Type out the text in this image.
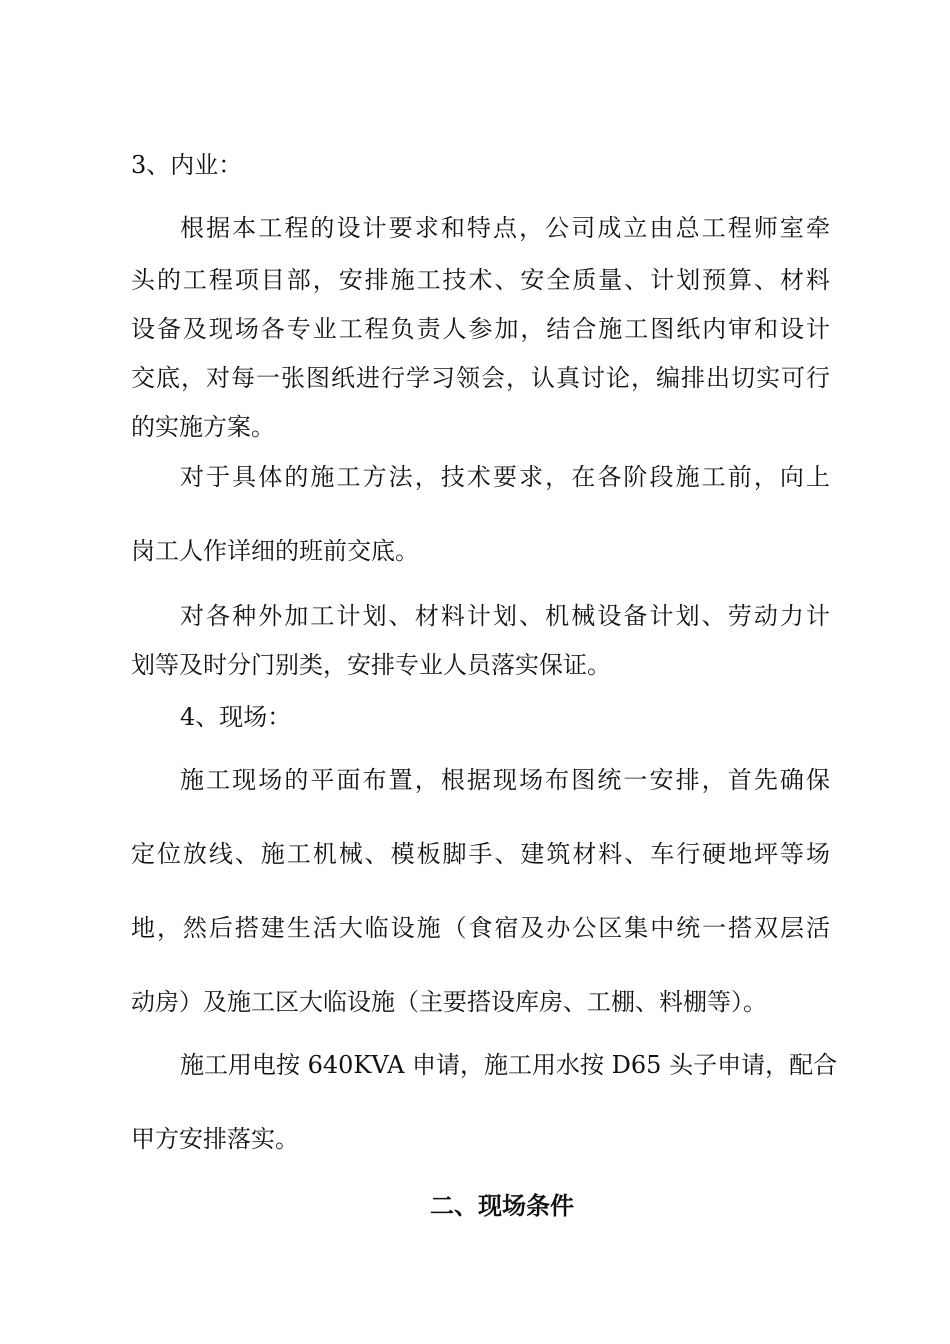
3、内业：

根据本工程的设计要求和特点，公司成立由总工程师室牵

头的工程项目部，安排施工技术、安全质量、计划预算、材料

设备及现场各专业工程负责人参加，结合施工图纸内审和设计

交底，对每一张图纸进行学习领会，认真讨论，编排出切实可行

的实施方案。

对于具体的施工方法，技术要求，在各阶段施工前，向上

岗工人作详细的班前交底。

对各种外加工计划、材料计划、机械设备计划、劳动力计

划等及时分门别类，安排专业人员落实保证。

4、现场：

施工现场的平面布置，根据现场布图统一安排，首先确保

定位放线、施工机械、模板脚手、建筑材料、车行硬地坪等场

地，然后搭建生活大临设施（食宿及办公区集中统一搭双层活

动房）及施工区大临设施（主要搭设库房、工棚、料棚等）。

施工用电按 640KVA 申请，施工用水按 D65 头子申请，配合

甲方安排落实。

二、现场条件
